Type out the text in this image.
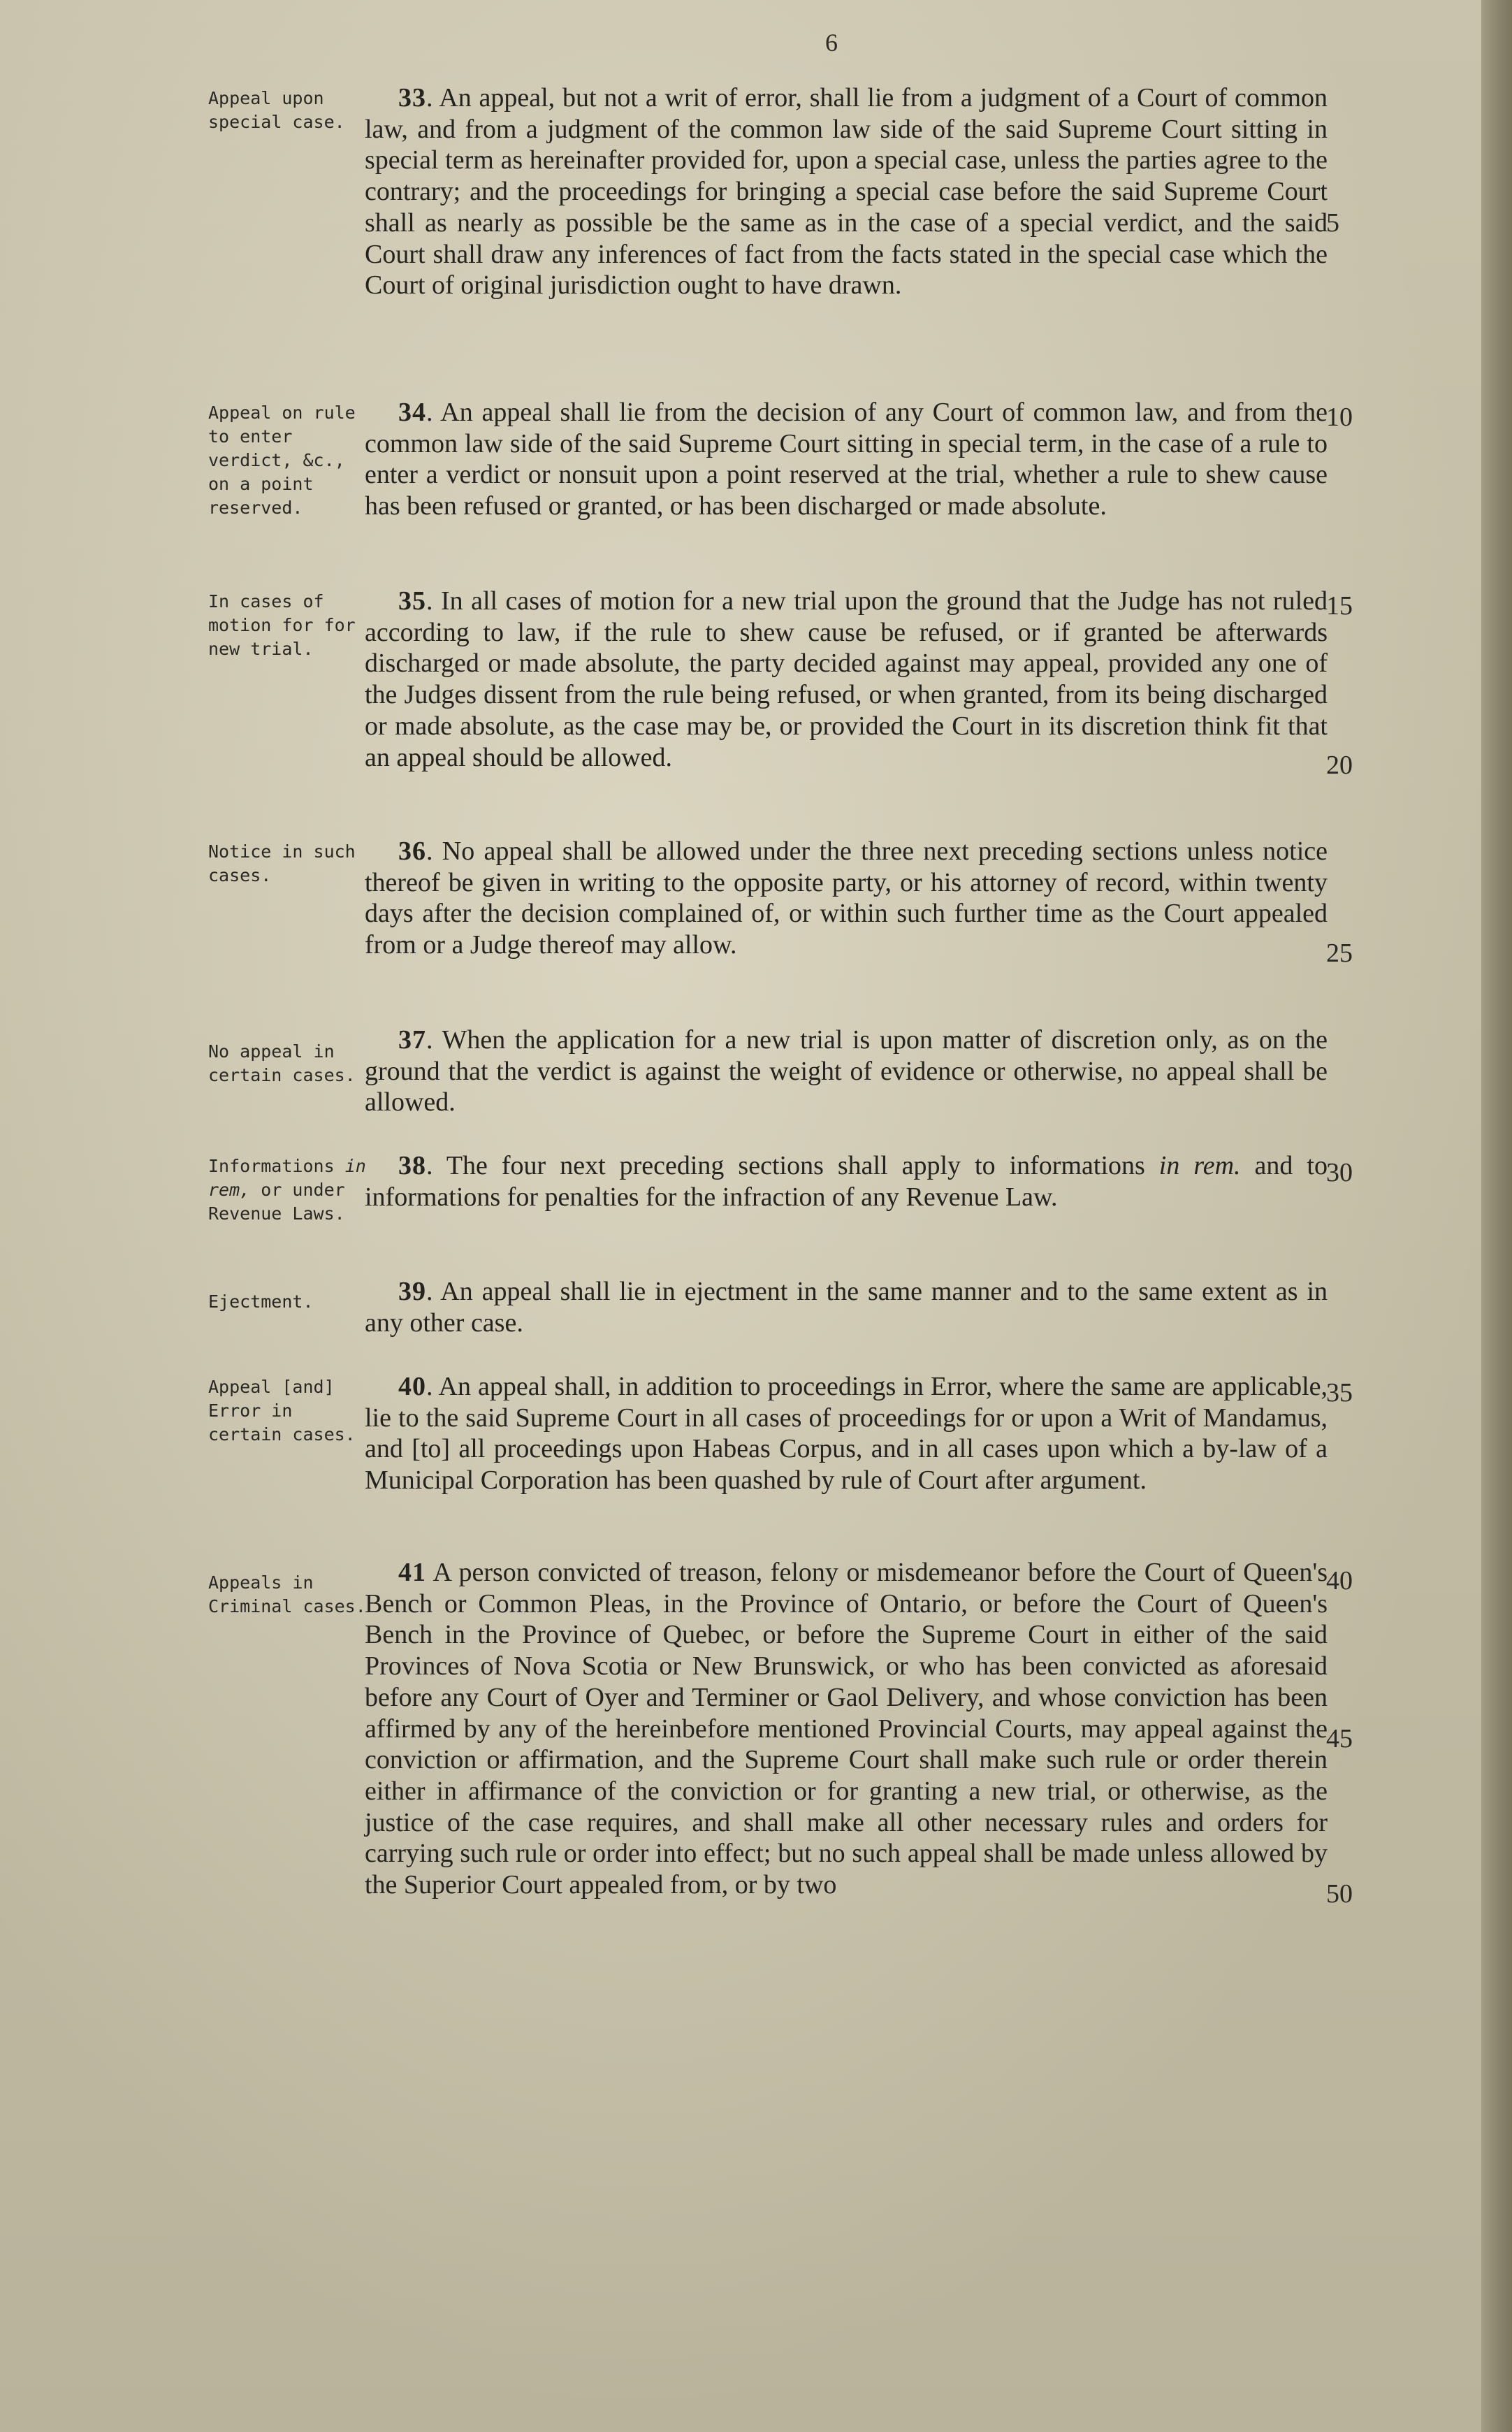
6
Appeal upon special case.
33. An appeal, but not a writ of error, shall lie from a judgment of a Court of common law, and from a judgment of the common law side of the said Supreme Court sitting in special term as hereinafter provided for, upon a special case, unless the parties agree to the contrary; and the proceedings for bringing a special case before the said Supreme Court shall as nearly as possible be the same as in the case of a special verdict, and the said Court shall draw any inferences of fact from the facts stated in the special case which the Court of original jurisdiction ought to have drawn.
Appeal on rule to enter verdict, &c., on a point reserved.
34. An appeal shall lie from the decision of any Court of common law, and from the common law side of the said Supreme Court sitting in special term, in the case of a rule to enter a verdict or nonsuit upon a point reserved at the trial, whether a rule to shew cause has been refused or granted, or has been discharged or made absolute.
In cases of motion for for new trial.
35. In all cases of motion for a new trial upon the ground that the Judge has not ruled according to law, if the rule to shew cause be refused, or if granted be afterwards discharged or made absolute, the party decided against may appeal, provided any one of the Judges dissent from the rule being refused, or when granted, from its being discharged or made absolute, as the case may be, or provided the Court in its discretion think fit that an appeal should be allowed.
Notice in such cases.
36. No appeal shall be allowed under the three next preceding sections unless notice thereof be given in writing to the opposite party, or his attorney of record, within twenty days after the decision complained of, or within such further time as the Court appealed from or a Judge thereof may allow.
No appeal in certain cases.
37. When the application for a new trial is upon matter of discretion only, as on the ground that the verdict is against the weight of evidence or otherwise, no appeal shall be allowed.
Informations in rem, or under Revenue Laws.
38. The four next preceding sections shall apply to informations in rem. and to informations for penalties for the infraction of any Revenue Law.
Ejectment.	39. An appeal shall lie in ejectment in the same manner and to the same extent as in any other case.
Appeal [and] Error in certain cases.
40. An appeal shall, in addition to proceedings in Error, where the same are applicable, lie to the said Supreme Court in all cases of proceedings for or upon a Writ of Mandamus, and [to] all proceedings upon Habeas Corpus, and in all cases upon which a by-law of a Municipal Corporation has been quashed by rule of Court after argument.
Appeals in Criminal cases.
41 A person convicted of treason, felony or misdemeanor before the Court of Queen's Bench or Common Pleas, in the Province of Ontario, or before the Court of Queen's Bench in the Province of Quebec, or before the Supreme Court in either of the said Provinces of Nova Scotia or New Brunswick, or who has been convicted as aforesaid before any Court of Oyer and Terminer or Gaol Delivery, and whose conviction has been affirmed by any of the hereinbefore mentioned Provincial Courts, may appeal against the conviction or affirmation, and the Supreme Court shall make such rule or order therein either in affirmance of the conviction or for granting a new trial, or otherwise, as the justice of the case requires, and shall make all other necessary rules and orders for carrying such rule or order into effect; but no such appeal shall be made unless allowed by the Superior Court appealed from, or by two
5
10
15
20
25
30
35
40
45
50
